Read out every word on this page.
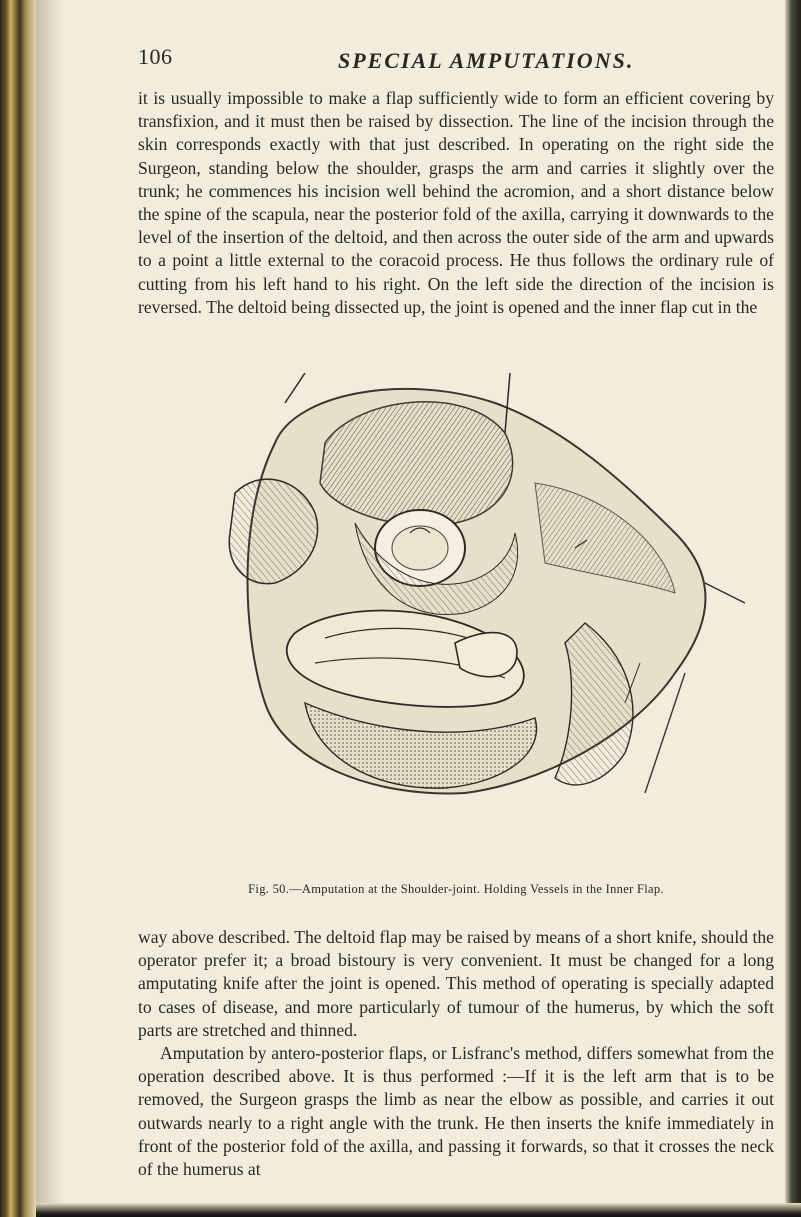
106	SPECIAL AMPUTATIONS.

it is usually impossible to make a flap sufficiently wide to form an efficient covering by transfixion, and it must then be raised by dissection. The line of the incision through the skin corresponds exactly with that just described. In operating on the right side the Surgeon, standing below the shoulder, grasps the arm and carries it slightly over the trunk; he commences his incision well behind the acromion, and a short distance below the spine of the scapula, near the posterior fold of the axilla, carrying it downwards to the level of the insertion of the deltoid, and then across the outer side of the arm and upwards to a point a little external to the coracoid process. He thus follows the ordinary rule of cutting from his left hand to his right. On the left side the direction of the incision is reversed. The deltoid being dissected up, the joint is opened and the inner flap cut in the

Fig. 50.—Amputation at the Shoulder-joint. Holding Vessels in the Inner Flap.

way above described. The deltoid flap may be raised by means of a short knife, should the operator prefer it; a broad bistoury is very convenient. It must be changed for a long amputating knife after the joint is opened. This method of operating is specially adapted to cases of disease, and more particularly of tumour of the humerus, by which the soft parts are stretched and thinned.

Amputation by antero-posterior flaps, or Lisfranc's method, differs somewhat from the operation described above. It is thus performed :—If it is the left arm that is to be removed, the Surgeon grasps the limb as near the elbow as possible, and carries it out outwards nearly to a right angle with the trunk. He then inserts the knife immediately in front of the posterior fold of the axilla, and passing it forwards, so that it crosses the neck of the humerus at
